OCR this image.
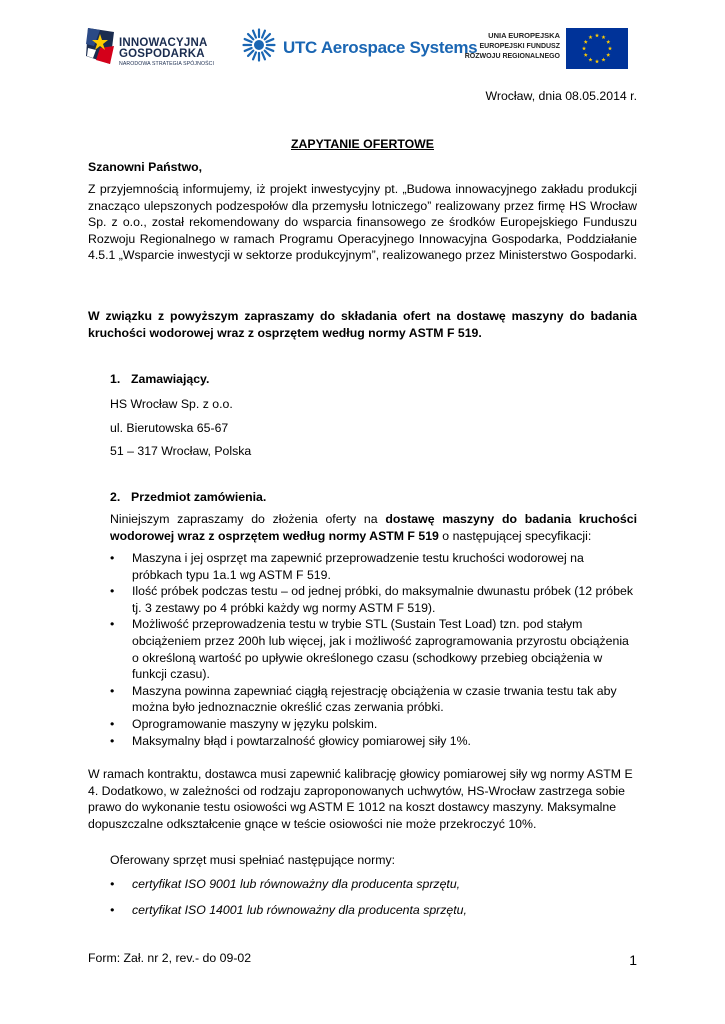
INNOWACYJNA
GOSPODARKA
NARODOWA STRATEGIA SPÓJNOŚCI
UTC Aerospace Systems
UNIA EUROPEJSKA
EUROPEJSKI FUNDUSZ
ROZWOJU REGIONALNEGO
Wrocław, dnia 08.05.2014 r.
ZAPYTANIE OFERTOWE
Szanowni Państwo,
Z przyjemnością informujemy, iż projekt inwestycyjny pt. „Budowa innowacyjnego zakładu produkcji znacząco ulepszonych podzespołów dla przemysłu lotniczego” realizowany przez firmę HS Wrocław Sp. z o.o., został rekomendowany do wsparcia finansowego ze środków Europejskiego Funduszu Rozwoju Regionalnego w ramach Programu Operacyjnego Innowacyjna Gospodarka, Poddziałanie 4.5.1 „Wsparcie inwestycji w sektorze produkcyjnym”, realizowanego przez Ministerstwo Gospodarki.
W związku z powyższym zapraszamy do składania ofert na dostawę maszyny do badania kruchości wodorowej wraz z osprzętem według normy ASTM F 519.
1. Zamawiający.
HS Wrocław Sp. z o.o.
ul. Bierutowska 65-67
51 – 317 Wrocław, Polska
2. Przedmiot zamówienia.
Niniejszym zapraszamy do złożenia oferty na dostawę maszyny do badania kruchości wodorowej wraz z osprzętem według normy ASTM F 519 o następującej specyfikacji:
• Maszyna i jej osprzęt ma zapewnić przeprowadzenie testu kruchości wodorowej na próbkach typu 1a.1 wg ASTM F 519.
• Ilość próbek podczas testu – od jednej próbki, do maksymalnie dwunastu próbek (12 próbek tj. 3 zestawy po 4 próbki każdy wg normy ASTM F 519).
• Możliwość przeprowadzenia testu w trybie STL (Sustain Test Load) tzn. pod stałym obciążeniem przez 200h lub więcej, jak i możliwość zaprogramowania przyrostu obciążenia o określoną wartość po upływie określonego czasu (schodkowy przebieg obciążenia w funkcji czasu).
• Maszyna powinna zapewniać ciągłą rejestrację obciążenia w czasie trwania testu tak aby można było jednoznacznie określić czas zerwania próbki.
• Oprogramowanie maszyny w języku polskim.
• Maksymalny błąd i powtarzalność głowicy pomiarowej siły 1%.
W ramach kontraktu, dostawca musi zapewnić kalibrację głowicy pomiarowej siły wg normy ASTM E 4. Dodatkowo, w zależności od rodzaju zaproponowanych uchwytów, HS-Wrocław zastrzega sobie prawo do wykonanie testu osiowości wg ASTM E 1012 na koszt dostawcy maszyny. Maksymalne dopuszczalne odkształcenie gnące w teście osiowości nie może przekroczyć 10%.
Oferowany sprzęt musi spełniać następujące normy:
• certyfikat ISO 9001 lub równoważny dla producenta sprzętu,
• certyfikat ISO 14001 lub równoważny dla producenta sprzętu,
Form: Zał. nr 2, rev.- do 09-02	1
